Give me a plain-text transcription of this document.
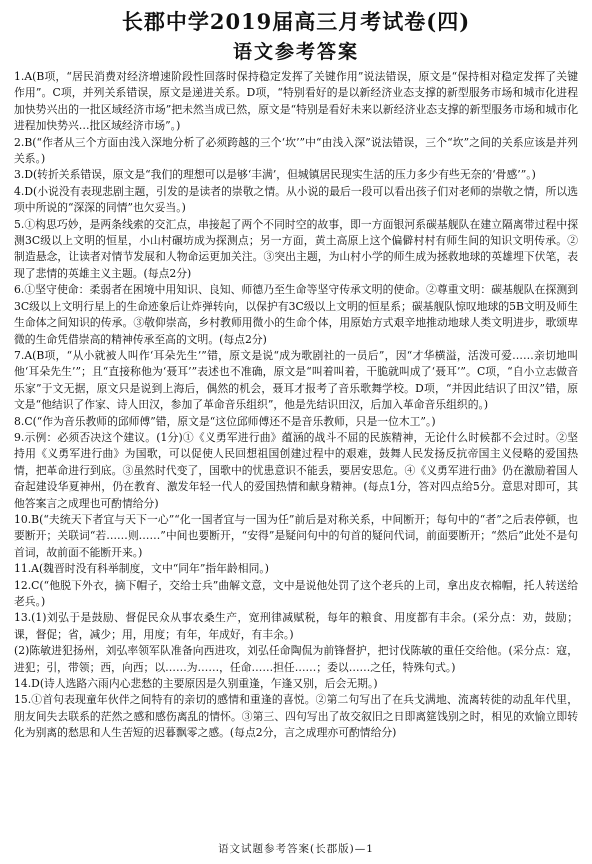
长郡中学2019届高三月考试卷(四)
语文参考答案

1.A(B项，“居民消费对经济增速阶段性回落时保持稳定发挥了关键作用”说法错误，原文是“保持相对稳定发挥了关键作用”。C项，并列关系错误，原文是递进关系。D项，“特别看好的是以新经济业态支撑的新型服务市场和城市化进程加快势兴出的一批区域经济市场”把未然当成已然，原文是“特别是看好未来以新经济业态支撑的新型服务市场和城市化进程加快势兴…批区域经济市场”。)

2.B(“作者从三个方面由浅入深地分析了必须跨越的三个‘坎’”中“由浅入深”说法错误，三个“坎”之间的关系应该是并列关系。)

3.D(转折关系错误，原文是“我们的理想可以是够‘丰满’，但城镇居民现实生活的压力多少有些无奈的‘骨感’”。)

4.D(小说没有表现悲剧主题，引发的是读者的崇敬之情。从小说的最后一段可以看出孩子们对老师的崇敬之情，所以选项中所说的“深深的同情”也欠妥当。)

5.①构思巧妙，是两条线索的交汇点，串接起了两个不同时空的故事，即一方面银河系碳基舰队在建立隔离带过程中探测3C级以上文明的恒星，小山村碾坊成为探测点；另一方面，黄土高原上这个偏僻村村有师生间的知识文明传承。②制造悬念，让读者对情节发展和人物命运更加关注。③突出主题，为山村小学的师生成为拯救地球的英雄埋下伏笔，表现了悲情的英雄主义主题。(每点2分)

6.①坚守使命：柔弱者在困境中用知识、良知、师德乃至生命等坚守传承文明的使命。②尊重文明：碳基舰队在探测到3C级以上文明行星上的生命迹象后让炸弹转向，以保护有3C级以上文明的恒星系；碳基舰队惊叹地球的5B文明及师生生命体之间知识的传承。③敬仰崇高，乡村教师用微小的生命个体，用原始方式艰辛地推动地球人类文明进步，歌颂卑微的生命凭借崇高的精神传承至高的文明。(每点2分)

7.A(B项，“从小就被人叫作‘耳朵先生’”错，原文是说“成为歌剧社的一员后”，因“才华横溢，活泼可爱……亲切地叫他‘耳朵先生’”；且“直接称他为‘聂耳’”表述也不准确，原文是“叫着叫着，干脆就叫成了‘聂耳’”。C项，“自小立志做音乐家”于文无据，原文只是说到上海后，偶然的机会，聂耳才报考了音乐歌舞学校。D项，“并因此结识了田汉”错，原文是“他结识了作家、诗人田汉，参加了革命音乐组织”，他是先结识田汉，后加入革命音乐组织的。)

8.C(“作为音乐教师的邱师傅”错，原文是“这位邱师傅还不是音乐教师，只是一位木工”。)

9.示例：必须否决这个建议。(1分)①《义勇军进行曲》蕴涵的战斗不屈的民族精神，无论什么时候都不会过时。②坚持用《义勇军进行曲》为国歌，可以促使人民回想祖国创建过程中的艰难，鼓舞人民发扬反抗帝国主义侵略的爱国热情，把革命进行到底。③虽然时代变了，国歌中的忧患意识不能丢，要居安思危。④《义勇军进行曲》仍在激励着国人奋起建设华夏神州，仍在教育、激发年轻一代人的爱国热情和献身精神。(每点1分，答对四点给5分。意思对即可，其他答案言之成理也可酌情给分)

10.B(“夫统天下者宜与天下一心”“化一国者宜与一国为任”前后是对称关系，中间断开；每句中的“者”之后表停顿，也要断开；关联词“若……则……”中间也要断开，“安得”是疑问句中的句首的疑问代词，前面要断开；“然后”此处不是句首词，故前面不能断开来。)

11.A(魏晋时没有科举制度，文中“同年”指年龄相同。)

12.C(“他脱下外衣，摘下帽子，交给士兵”曲解文意，文中是说他处罚了这个老兵的上司，拿出皮衣棉帽，托人转送给老兵。)

13.(1)刘弘于是鼓励、督促民众从事农桑生产，宽刑律减赋税，每年的粮食、用度都有丰余。(采分点：劝，鼓励；课，督促；省，减少；用，用度；有年，年成好，有丰余。)
(2)陈敏进犯扬州，刘弘率领军队准备向西进攻，刘弘任命陶侃为前锋督护，把讨伐陈敏的重任交给他。(采分点：寇，进犯；引，带领；西，向西；以……为……，任命……担任……；委以……之任，特殊句式。)

14.D(诗人选路六雨内心悲愁的主要原因是久别重逢，乍逢又别，后会无期。)

15.①首句表现童年伙伴之间特有的亲切的感情和重逢的喜悦。②第二句写出了在兵戈满地、流离转徙的动乱年代里，朋友间失去联系的茫然之感和感伤离乱的情怀。③第三、四句写出了故交叙旧之日即离筵饯别之时，相见的欢愉立即转化为别离的愁思和人生苦短的迟暮飘零之感。(每点2分，言之成理亦可酌情给分)

语文试题参考答案(长郡版)—1
